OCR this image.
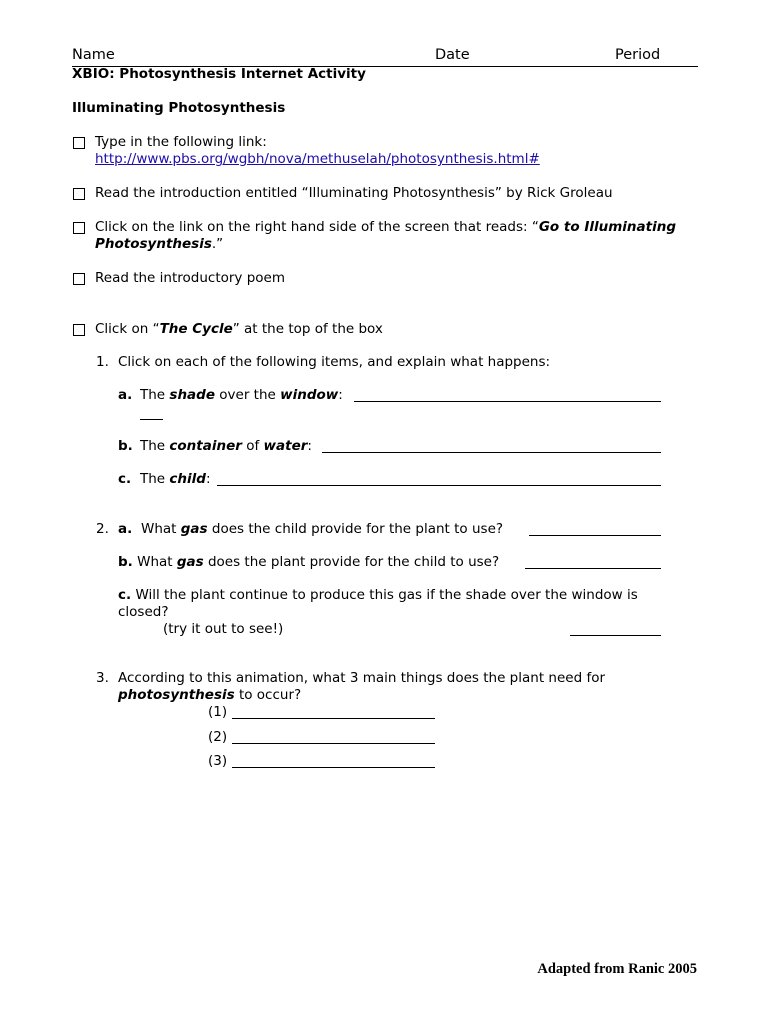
Name	Date	Period
XBIO: Photosynthesis Internet Activity
Illuminating Photosynthesis
Type in the following link:
http://www.pbs.org/wgbh/nova/methuselah/photosynthesis.html#
Read the introduction entitled “Illuminating Photosynthesis” by Rick Groleau
Click on the link on the right hand side of the screen that reads: “Go to Illuminating
Photosynthesis.”
Read the introductory poem
Click on “The Cycle” at the top of the box
1. Click on each of the following items, and explain what happens:
a. The shade over the window:
b. The container of water:
c. The child:
2. a. What gas does the child provide for the plant to use?
b. What gas does the plant provide for the child to use?
c. Will the plant continue to produce this gas if the shade over the window is
closed?
(try it out to see!)
3. According to this animation, what 3 main things does the plant need for
photosynthesis to occur?
(1)
(2)
(3)
Adapted from Ranic 2005
